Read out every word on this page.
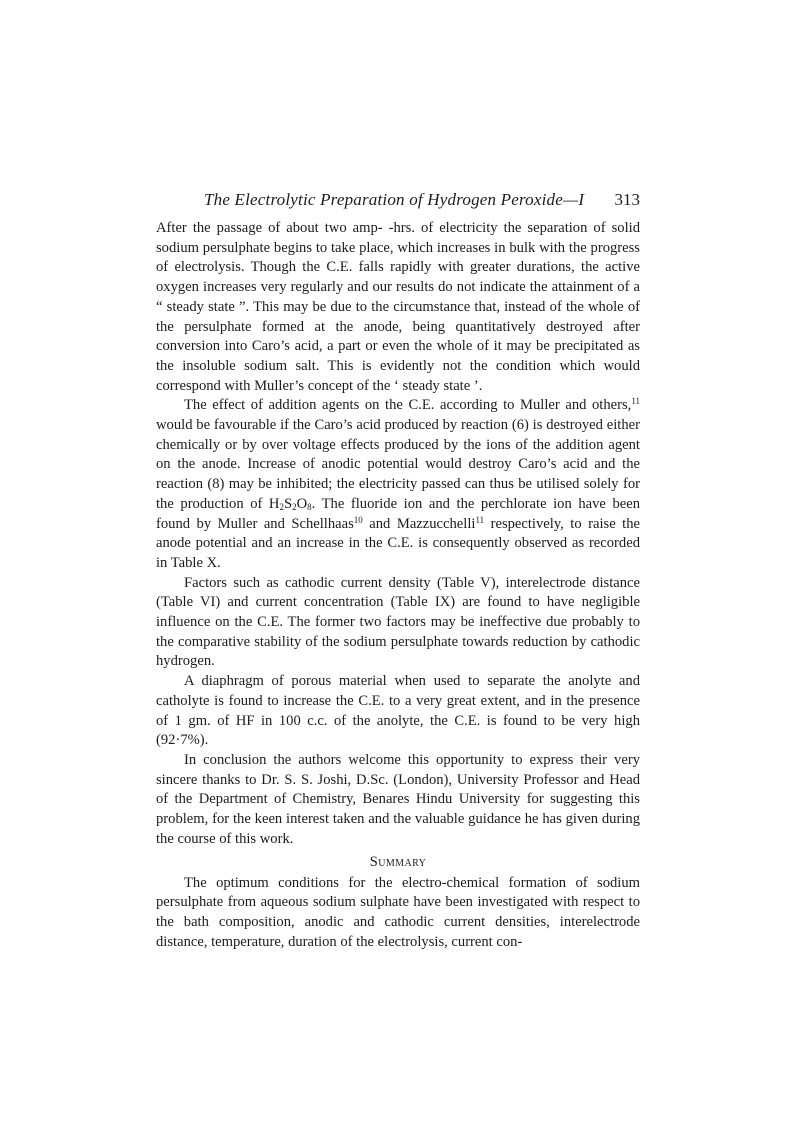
The Electrolytic Preparation of Hydrogen Peroxide—I 313

After the passage of about two amp- -hrs. of electricity the separation of solid sodium persulphate begins to take place, which increases in bulk with the progress of electrolysis. Though the C.E. falls rapidly with greater durations, the active oxygen increases very regularly and our results do not indicate the attainment of a “ steady state ”. This may be due to the circumstance that, instead of the whole of the persulphate formed at the anode, being quantitatively destroyed after conversion into Caro’s acid, a part or even the whole of it may be precipitated as the insoluble sodium salt. This is evidently not the condition which would correspond with Muller’s concept of the ‘ steady state ’.

The effect of addition agents on the C.E. according to Muller and others,$^{11}$ would be favourable if the Caro’s acid produced by reaction (6) is destroyed either chemically or by over voltage effects produced by the ions of the addition agent on the anode. Increase of anodic potential would destroy Caro’s acid and the reaction (8) may be inhibited; the electricity passed can thus be utilised solely for the production of $H_2S_2O_8$. The fluoride ion and the perchlorate ion have been found by Muller and Schellhaas$^{10}$ and Mazzucchelli$^{11}$ respectively, to raise the anode potential and an increase in the C.E. is consequently observed as recorded in Table X.

Factors such as cathodic current density (Table V), interelectrode distance (Table VI) and current concentration (Table IX) are found to have negligible influence on the C.E. The former two factors may be ineffective due probably to the comparative stability of the sodium persulphate towards reduction by cathodic hydrogen.

A diaphragm of porous material when used to separate the anolyte and catholyte is found to increase the C.E. to a very great extent, and in the presence of 1 gm. of HF in 100 c.c. of the anolyte, the C.E. is found to be very high (92·7%).

In conclusion the authors welcome this opportunity to express their very sincere thanks to Dr. S. S. Joshi, D.Sc. (London), University Professor and Head of the Department of Chemistry, Benares Hindu University for suggesting this problem, for the keen interest taken and the valuable guidance he has given during the course of this work.

Summary

The optimum conditions for the electro-chemical formation of sodium persulphate from aqueous sodium sulphate have been investigated with respect to the bath composition, anodic and cathodic current densities, interelectrode distance, temperature, duration of the electrolysis, current con-
